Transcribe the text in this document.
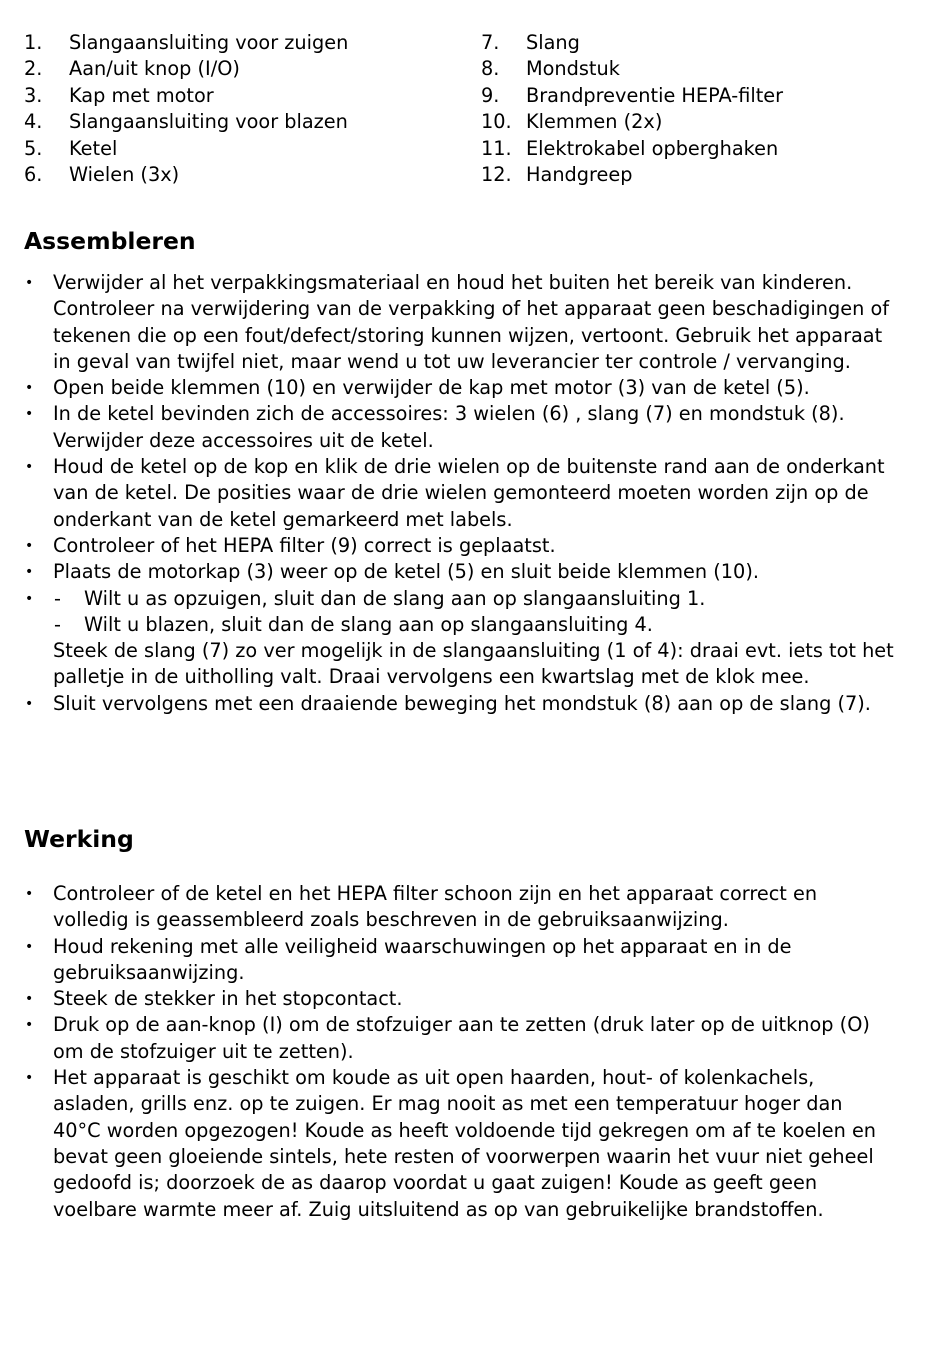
1. Slangaansluiting voor zuigen
2. Aan/uit knop (I/O)
3. Kap met motor
4. Slangaansluiting voor blazen
5. Ketel
6. Wielen (3x)
7. Slang
8. Mondstuk
9. Brandpreventie HEPA-filter
10. Klemmen (2x)
11. Elektrokabel opberghaken
12. Handgreep
Assembleren
• Verwijder al het verpakkingsmateriaal en houd het buiten het bereik van kinderen. Controleer na verwijdering van de verpakking of het apparaat geen beschadigingen of tekenen die op een fout/defect/storing kunnen wijzen, vertoont. Gebruik het apparaat in geval van twijfel niet, maar wend u tot uw leverancier ter controle / vervanging.
• Open beide klemmen (10) en verwijder de kap met motor (3) van de ketel (5).
• In de ketel bevinden zich de accessoires: 3 wielen (6) , slang (7) en mondstuk (8). Verwijder deze accessoires uit de ketel.
• Houd de ketel op de kop en klik de drie wielen op de buitenste rand aan de onderkant van de ketel. De posities waar de drie wielen gemonteerd moeten worden zijn op de onderkant van de ketel gemarkeerd met labels.
• Controleer of het HEPA filter (9) correct is geplaatst.
• Plaats de motorkap (3) weer op de ketel (5) en sluit beide klemmen (10).
• - Wilt u as opzuigen, sluit dan de slang aan op slangaansluiting 1.
- Wilt u blazen, sluit dan de slang aan op slangaansluiting 4.
Steek de slang (7) zo ver mogelijk in de slangaansluiting (1 of 4): draai evt. iets tot het palletje in de uitholling valt. Draai vervolgens een kwartslag met de klok mee.
• Sluit vervolgens met een draaiende beweging het mondstuk (8) aan op de slang (7).
Werking
• Controleer of de ketel en het HEPA filter schoon zijn en het apparaat correct en volledig is geassembleerd zoals beschreven in de gebruiksaanwijzing.
• Houd rekening met alle veiligheid waarschuwingen op het apparaat en in de gebruiksaanwijzing.
• Steek de stekker in het stopcontact.
• Druk op de aan-knop (I) om de stofzuiger aan te zetten (druk later op de uitknop (O) om de stofzuiger uit te zetten).
• Het apparaat is geschikt om koude as uit open haarden, hout- of kolenkachels, asladen, grills enz. op te zuigen. Er mag nooit as met een temperatuur hoger dan 40°C worden opgezogen! Koude as heeft voldoende tijd gekregen om af te koelen en bevat geen gloeiende sintels, hete resten of voorwerpen waarin het vuur niet geheel gedoofd is; doorzoek de as daarop voordat u gaat zuigen! Koude as geeft geen voelbare warmte meer af. Zuig uitsluitend as op van gebruikelijke brandstoffen.
